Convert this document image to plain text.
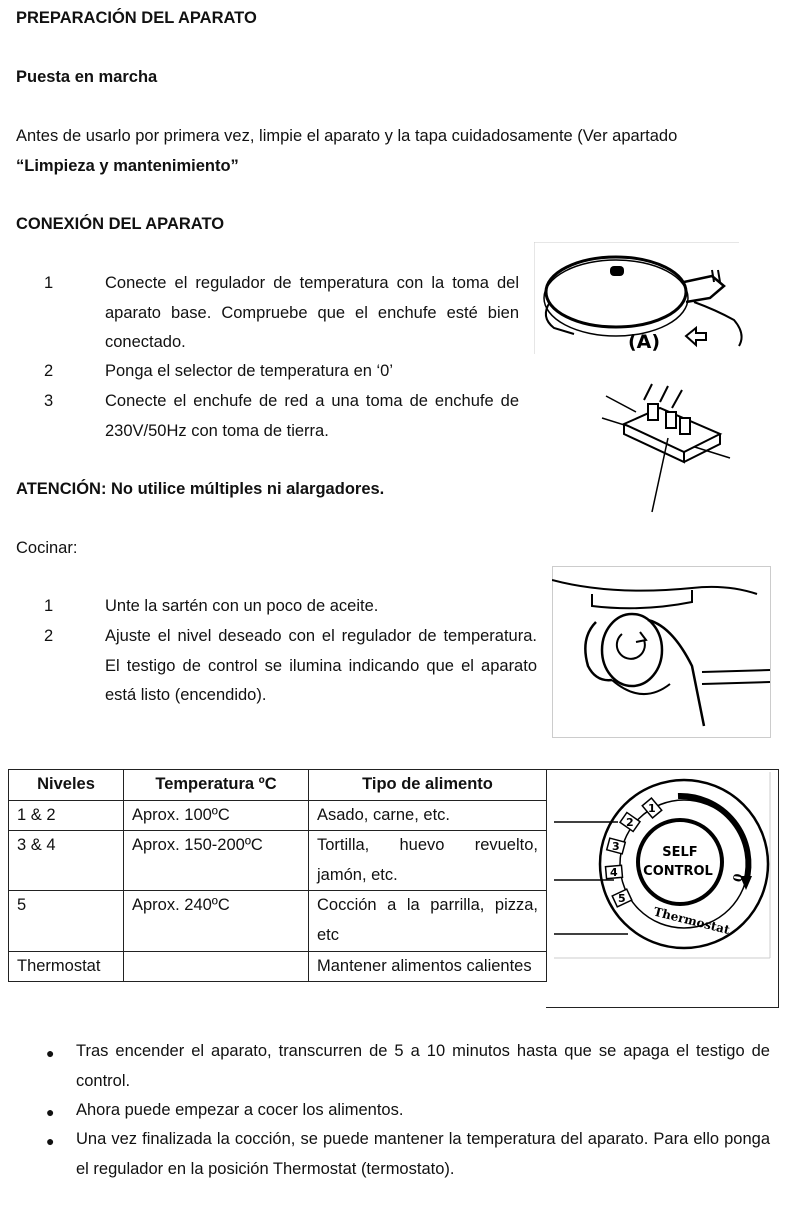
PREPARACIÓN DEL APARATO

Puesta en marcha

Antes de usarlo por primera vez, limpie el aparato y la tapa cuidadosamente (Ver apartado
“Limpieza y mantenimiento”

CONEXIÓN DEL APARATO

1	Conecte el regulador de temperatura con la toma del aparato base. Compruebe que el enchufe esté bien conectado.

2	Ponga el selector de temperatura en ‘0’

3	Conecte el enchufe de red a una toma de enchufe de 230V/50Hz con toma de tierra.

(A)

ATENCIÓN: No utilice múltiples ni alargadores.

Cocinar:

1	Unte la sartén con un poco de aceite.

2	Ajuste el nivel deseado con el regulador de temperatura. El testigo de control se ilumina indicando que el aparato está listo (encendido).

Niveles	Temperatura ºC	Tipo de alimento
1 & 2	Aprox. 100ºC	Asado, carne, etc.
3 & 4	Aprox. 150-200ºC	Tortilla, huevo revuelto, jamón, etc.
5	Aprox. 240ºC	Cocción a la parrilla, pizza, etc
Thermostat		Mantener alimentos calientes
1
2
3
4
5
SELF
CONTROL 0
Thermostat
● Tras encender el aparato, transcurren de 5 a 10 minutos hasta que se apaga el testigo de control.

● Ahora puede empezar a cocer los alimentos.

● Una vez finalizada la cocción, se puede mantener la temperatura del aparato. Para ello ponga el regulador en la posición Thermostat (termostato).
